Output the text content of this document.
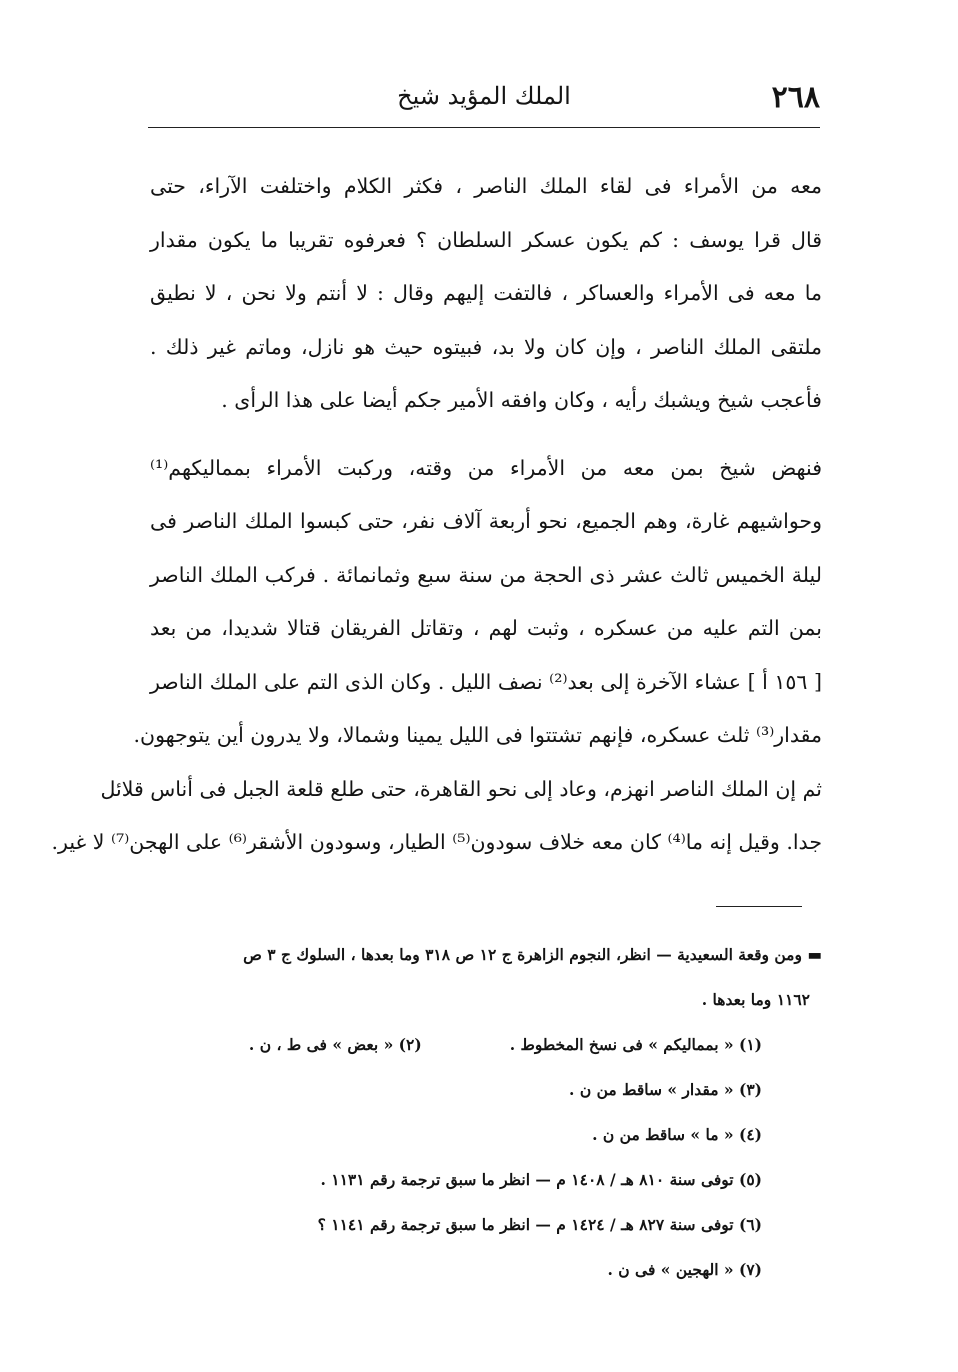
٢٦٨
الملك المؤيد شيخ
معه من الأمراء فى لقاء الملك الناصر ، فكثر الكلام واختلفت الآراء، حتى
قال قرا يوسف : كم يكون عسكر السلطان ؟ فعرفوه تقريبا ما يكون مقدار
ما معه فى الأمراء والعساكر ، فالتفت إليهم وقال : لا أنتم ولا نحن ، لا نطيق
ملتقى الملك الناصر ، وإن كان ولا بد، فبيتوه حيث هو نازل، وماتم غير ذلك .
فأعجب شيخ ويشبك رأيه ، وكان وافقه الأمير جكم أيضا على هذا الرأى .
فنهض شيخ بمن معه من الأمراء من وقته، وركبت الأمراء بمماليكهم⁽¹⁾
وحواشيهم غارة، وهم الجميع، نحو أربعة آلاف نفر، حتى كبسوا الملك الناصر فى
ليلة الخميس ثالث عشر ذى الحجة من سنة سبع وثمانمائة . فركب الملك الناصر
بمن التم عليه من عسكره ، وثبت لهم ، وتقاتل الفريقان قتالا شديدا، من بعد
[ ١٥٦ أ ] عشاء الآخرة إلى بعد⁽²⁾ نصف الليل . وكان الذى التم على الملك الناصر
مقدار⁽³⁾ ثلث عسكره، فإنهم تشتتوا فى الليل يمينا وشمالا، ولا يدرون أين يتوجهون.
ثم إن الملك الناصر انهزم، وعاد إلى نحو القاهرة، حتى طلع قلعة الجبل فى أناس قلائل
جدا. وقيل إنه ما⁽⁴⁾ كان معه خلاف سودون⁽⁵⁾ الطيار، وسودون الأشقر⁽⁶⁾ على الهجن⁽⁷⁾ لا غير.
▬ ومن وقعة السعيدية — انظر، النجوم الزاهرة ج ١٢ ص ٣١٨ وما بعدها ، السلوك ج ٣ ص
١١٦٢ وما بعدها .
(١) « بمماليكم » فى نسخ المخطوط .
(٢) « بعض » فى ط ، ن .
(٣) « مقدار » ساقط من ن .
(٤) « ما » ساقط من ن .
(٥) توفى سنة ٨١٠ هـ / ١٤٠٨ م — انظر ما سبق ترجمة رقم ١١٣١ .
(٦) توفى سنة ٨٢٧ هـ / ١٤٢٤ م — انظر ما سبق ترجمة رقم ١١٤١ ؟
(٧) « الهجين » فى ن .
